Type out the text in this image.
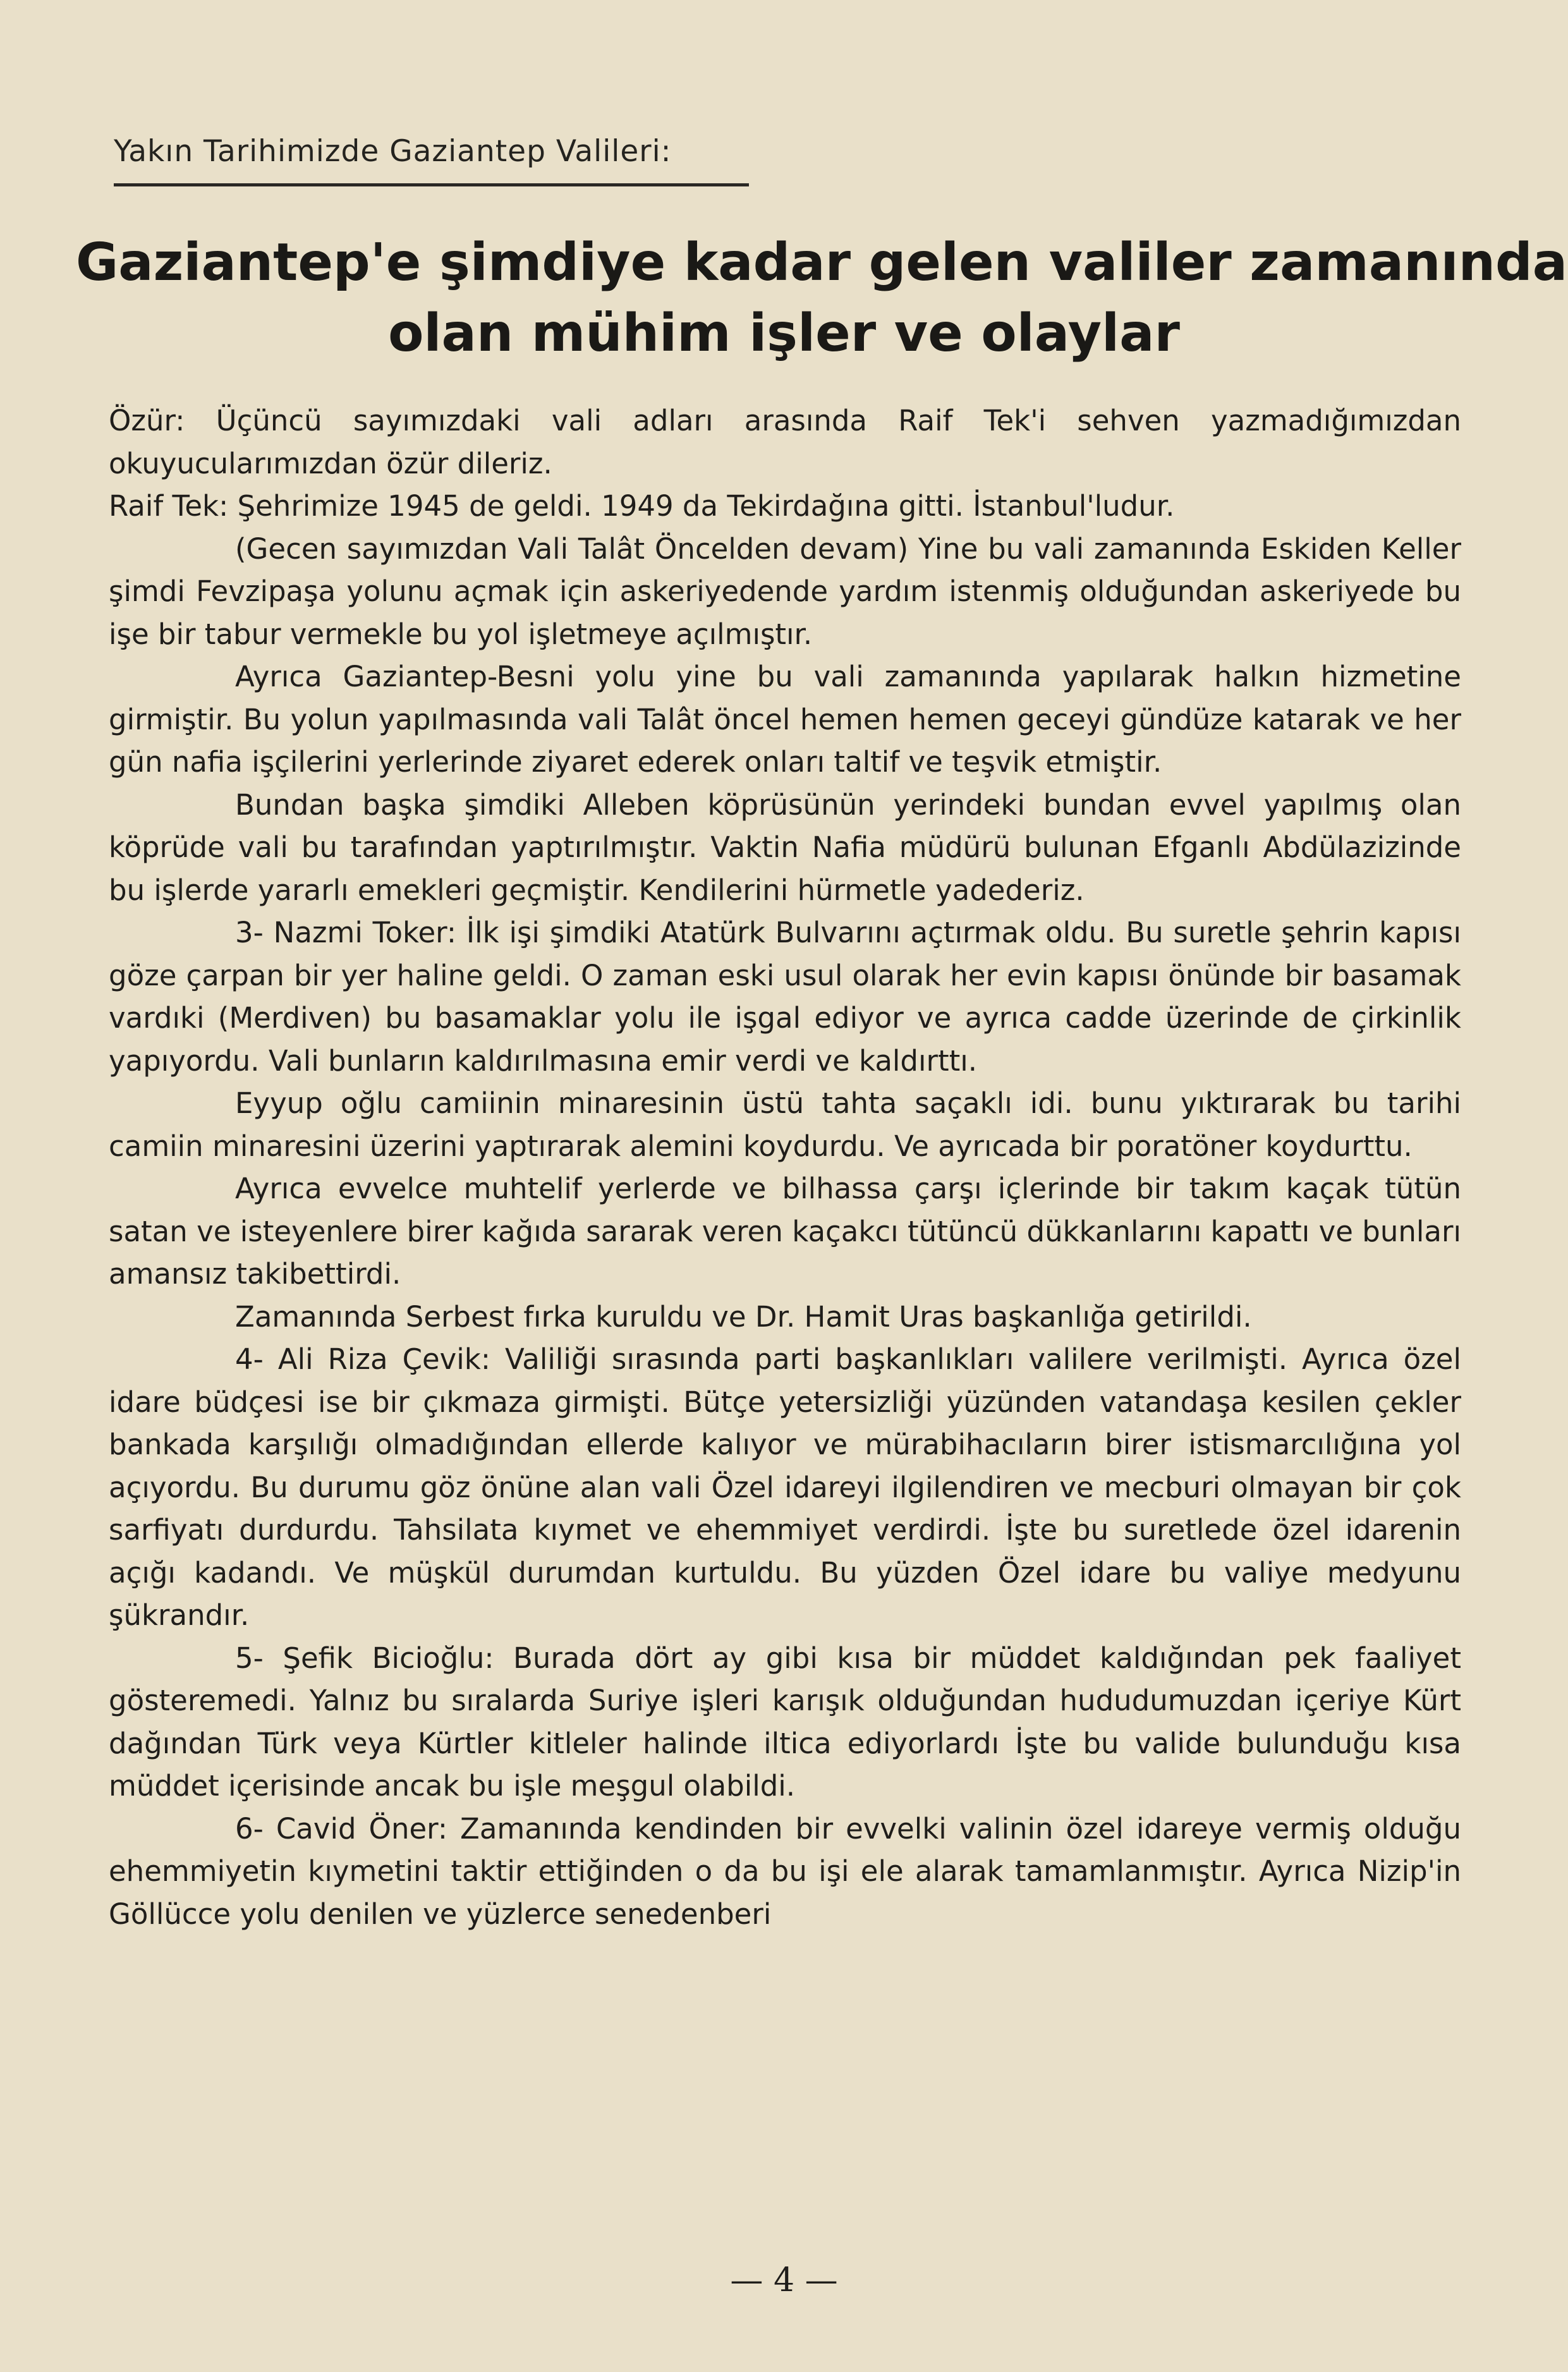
Yakın Tarihimizde Gaziantep Valileri:
Gaziantep'e şimdiye kadar gelen valiler zamanında
olan mühim işler ve olaylar

Özür: Üçüncü sayımızdaki vali adları arasında Raif Tek'i sehven yazmadığımızdan okuyucularımızdan özür dileriz.

Raif Tek: Şehrimize 1945 de geldi. 1949 da Tekirdağına gitti. İstanbul'ludur.

(Gecen sayımızdan Vali Talât Öncelden devam) Yine bu vali zamanında Eskiden Keller şimdi Fevzipaşa yolunu açmak için askeriyedende yardım istenmiş olduğundan askeriyede bu işe bir tabur vermekle bu yol işletmeye açılmıştır.

Ayrıca Gaziantep-Besni yolu yine bu vali zamanında yapılarak halkın hizmetine girmiştir. Bu yolun yapılmasında vali Talât öncel hemen hemen geceyi gündüze katarak ve her gün nafia işçilerini yerlerinde ziyaret ederek onları taltif ve teşvik etmiştir.

Bundan başka şimdiki Alleben köprüsünün yerindeki bundan evvel yapılmış olan köprüde vali bu tarafından yaptırılmıştır. Vaktin Nafia müdürü bulunan Efganlı Abdülazizinde bu işlerde yararlı emekleri geçmiştir. Kendilerini hürmetle yadederiz.

3- Nazmi Toker: İlk işi şimdiki Atatürk Bulvarını açtırmak oldu. Bu suretle şehrin kapısı göze çarpan bir yer haline geldi. O zaman eski usul olarak her evin kapısı önünde bir basamak vardıki (Merdiven) bu basamaklar yolu ile işgal ediyor ve ayrıca cadde üzerinde de çirkinlik yapıyordu. Vali bunların kaldırılmasına emir verdi ve kaldırttı.

Eyyup oğlu camiinin minaresinin üstü tahta saçaklı idi. bunu yıktırarak bu tarihi camiin minaresini üzerini yaptırarak alemini koydurdu. Ve ayrıcada bir poratöner koydurttu.

Ayrıca evvelce muhtelif yerlerde ve bilhassa çarşı içlerinde bir takım kaçak tütün satan ve isteyenlere birer kağıda sararak veren kaçakcı tütüncü dükkanlarını kapattı ve bunları amansız takibettirdi.

Zamanında Serbest fırka kuruldu ve Dr. Hamit Uras başkanlığa getirildi.

4- Ali Riza Çevik: Valiliği sırasında parti başkanlıkları valilere verilmişti. Ayrıca özel idare büdçesi ise bir çıkmaza girmişti. Bütçe yetersizliği yüzünden vatandaşa kesilen çekler bankada karşılığı olmadığından ellerde kalıyor ve mürabihacıların birer istismarcılığına yol açıyordu. Bu durumu göz önüne alan vali Özel idareyi ilgilendiren ve mecburi olmayan bir çok sarfiyatı durdurdu. Tahsilata kıymet ve ehemmiyet verdirdi. İşte bu suretlede özel idarenin açığı kadandı. Ve müşkül durumdan kurtuldu. Bu yüzden Özel idare bu valiye medyunu şükrandır.

5- Şefik Bicioğlu: Burada dört ay gibi kısa bir müddet kaldığından pek faaliyet gösteremedi. Yalnız bu sıralarda Suriye işleri karışık olduğundan hududumuzdan içeriye Kürt dağından Türk veya Kürtler kitleler halinde iltica ediyorlardı İşte bu valide bulunduğu kısa müddet içerisinde ancak bu işle meşgul olabildi.

6- Cavid Öner: Zamanında kendinden bir evvelki valinin özel idareye vermiş olduğu ehemmiyetin kıymetini taktir ettiğinden o da bu işi ele alarak tamamlanmıştır. Ayrıca Nizip'in Göllücce yolu denilen ve yüzlerce senedenberi

— 4 —
